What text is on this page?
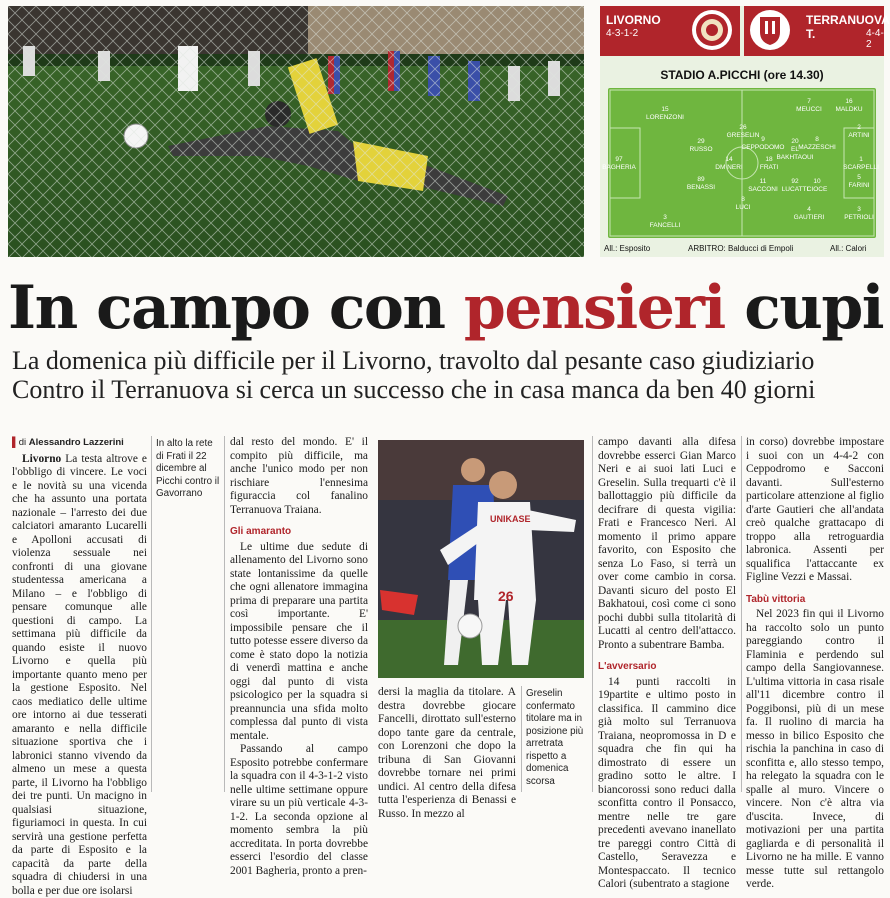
LIVORNO
4-3-1-2
TERRANUOVA T.	4-4-2
STADIO A.PICCHI (ore 14.30)
97
BAGHERIA
15
LORENZONI
29
RUSSO
89
BENASSI
3
FANCELLI
26
GRESELIN
14
DM NERI
8
LUCI
18
FRATI
20
EL BAKHTAOUI
92
LUCATTI
1
SCARPELLI
2
ARTINI
5
FARINI
3
PETRIOLI
16
MALDKU
7
MEUCCI
8
MAZZESCHI
10
CIOCE
4
GAUTIERI
9
CEPPODOMO
11
SACCONI
All.: Esposito	ARBITRO: Balducci di Empoli	All.: Calori
In campo con pensieri cupi
La domenica più difficile per il Livorno, travolto dal pesante caso giudiziario
Contro il Terranuova si cerca un successo che in casa manca da ben 40 giorni
▌di Alessandro Lazzerini

Livorno La testa altrove e l'obbligo di vincere. Le voci e le novità su una vicenda che ha assunto una portata nazionale – l'arresto dei due calciatori amaranto Lucarelli e Apolloni accusati di violenza sessuale nei confronti di una giovane studentessa americana a Milano – e l'obbligo di pensare comunque alle questioni di campo. La settimana più difficile da quando esiste il nuovo Livorno e quella più importante quanto meno per la gestione Esposito. Nel caos mediatico delle ultime ore intorno ai due tesserati amaranto e nella difficile situazione sportiva che i labronici stanno vivendo da almeno un mese a questa parte, il Livorno ha l'obbligo dei tre punti. Un macigno in qualsiasi situazione, figuriamoci in questa. In cui servirà una gestione perfetta da parte di Esposito e la capacità da parte della squadra di chiudersi in una bolla e per due ore isolarsi

In alto la rete di Frati il 22 dicembre al Picchi contro il Gavorrano

dal resto del mondo. E' il compito più difficile, ma anche l'unico modo per non rischiare l'ennesima figuraccia col fanalino Terranuova Traiana.

Gli amaranto

Le ultime due sedute di allenamento del Livorno sono state lontanissime da quelle che ogni allenatore immagina prima di preparare una partita così importante. E' impossibile pensare che il tutto potesse essere diverso da come è stato dopo la notizia di venerdì mattina e anche oggi dal punto di vista psicologico per la squadra si preannuncia una sfida molto complessa dal punto di vista mentale.

Passando al campo Esposito potrebbe confermare la squadra con il 4-3-1-2 visto nelle ultime settimane oppure virare su un più verticale 4-3-1-2. La seconda opzione al momento sembra la più accreditata. In porta dovrebbe esserci l'esordio del classe 2001 Bagheria, pronto a pren-

UNIKASE
26

dersi la maglia da titolare. A destra dovrebbe giocare Fancelli, dirottato sull'esterno dopo tante gare da centrale, con Lorenzoni che dopo la tribuna di San Giovanni dovrebbe tornare nei primi undici. Al centro della difesa tutta l'esperienza di Benassi e Russo. In mezzo al

Greselin confermato titolare ma in posizione più arretrata rispetto a domenica scorsa

campo davanti alla difesa dovrebbe esserci Gian Marco Neri e ai suoi lati Luci e Greselin. Sulla trequarti c'è il ballottaggio più difficile da decifrare di questa vigilia: Frati e Francesco Neri. Al momento il primo appare favorito, con Esposito che senza Lo Faso, si terrà un over come cambio in corsa. Davanti sicuro del posto El Bakhatoui, così come ci sono pochi dubbi sulla titolarità di Lucatti al centro dell'attacco. Pronto a subentrare Bamba.

L'avversario

14 punti raccolti in 19partite e ultimo posto in classifica. Il cammino dice già molto sul Terranuova Traiana, neopromossa in D e squadra che fin qui ha dimostrato di essere un gradino sotto le altre. I biancorossi sono reduci dalla sconfitta contro il Ponsacco, mentre nelle tre gare precedenti avevano inanellato tre pareggi contro Città di Castello, Seravezza e Montespaccato. Il tecnico Calori (subentrato a stagione

in corso) dovrebbe impostare i suoi con un 4-4-2 con Ceppodromo e Sacconi davanti. Sull'esterno particolare attenzione al figlio d'arte Gautieri che all'andata creò qualche grattacapo di troppo alla retroguardia labronica. Assenti per squalifica l'attaccante ex Figline Vezzi e Massai.

Tabù vittoria

Nel 2023 fin qui il Livorno ha raccolto solo un punto pareggiando contro il Flaminia e perdendo sul campo della Sangiovannese. L'ultima vittoria in casa risale all'11 dicembre contro il Poggibonsi, più di un mese fa. Il ruolino di marcia ha messo in bilico Esposito che rischia la panchina in caso di sconfitta e, allo stesso tempo, ha relegato la squadra con le spalle al muro. Vincere o vincere. Non c'è altra via d'uscita. Invece, di motivazioni per una partita gagliarda e di personalità il Livorno ne ha mille. E vanno messe tutte sul rettangolo verde.
